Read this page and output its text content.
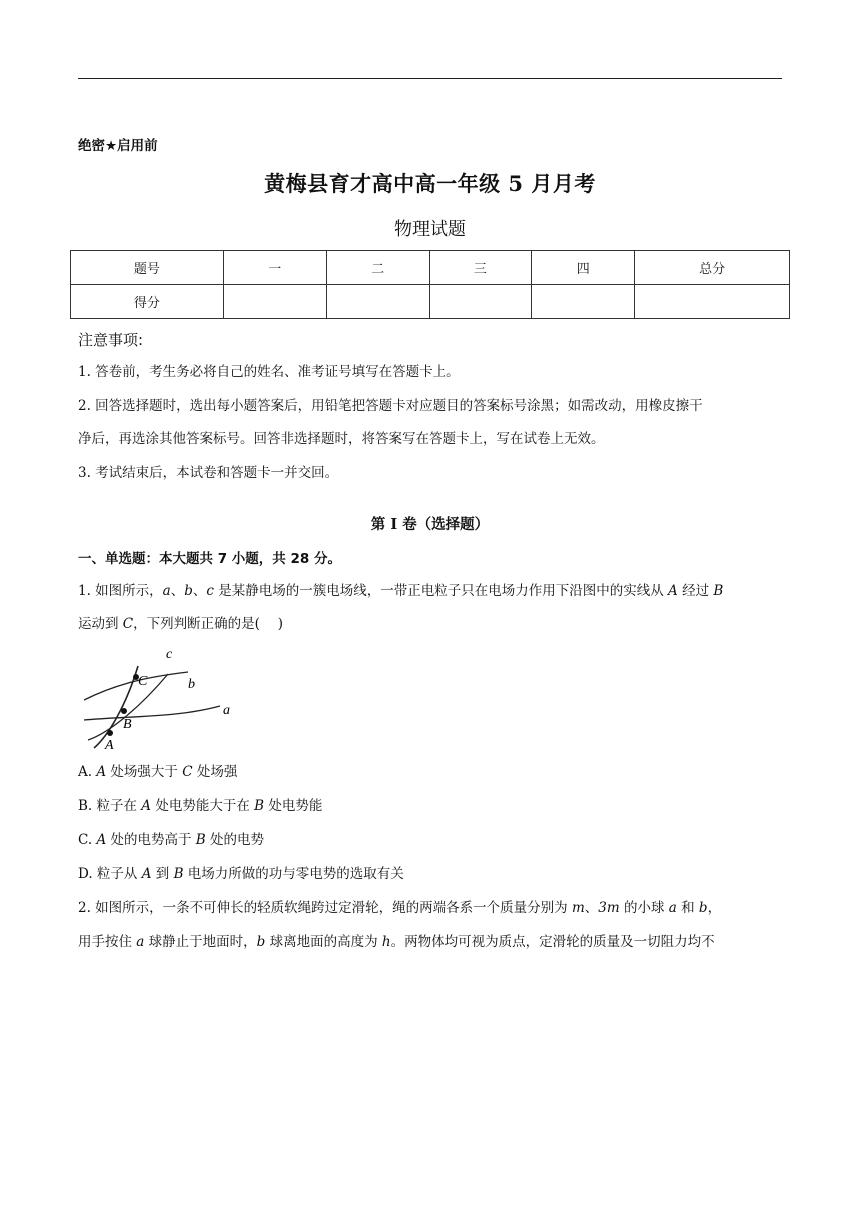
绝密★启用前
黄梅县育才高中高一年级 5 月月考
物理试题
题号	一	二	三	四	总分
得分					
注意事项:
1. 答卷前，考生务必将自己的姓名、准考证号填写在答题卡上。
2. 回答选择题时，选出每小题答案后，用铅笔把答题卡对应题目的答案标号涂黑；如需改动，用橡皮擦干
净后，再选涂其他答案标号。回答非选择题时，将答案写在答题卡上，写在试卷上无效。
3. 考试结束后，本试卷和答题卡一并交回。
第 I 卷（选择题）
一、单选题：本大题共 7 小题，共 28 分。
1. 如图所示，a、b、c 是某静电场的一簇电场线，一带正电粒子只在电场力作用下沿图中的实线从 A 经过 B
运动到 C，下列判断正确的是(　 )
c
b
a
C
B
A
A. A 处场强大于 C 处场强
B. 粒子在 A 处电势能大于在 B 处电势能
C. A 处的电势高于 B 处的电势
D. 粒子从 A 到 B 电场力所做的功与零电势的选取有关
2. 如图所示，一条不可伸长的轻质软绳跨过定滑轮，绳的两端各系一个质量分别为 m、3m 的小球 a 和 b，
用手按住 a 球静止于地面时，b 球离地面的高度为 h。两物体均可视为质点，定滑轮的质量及一切阻力均不
